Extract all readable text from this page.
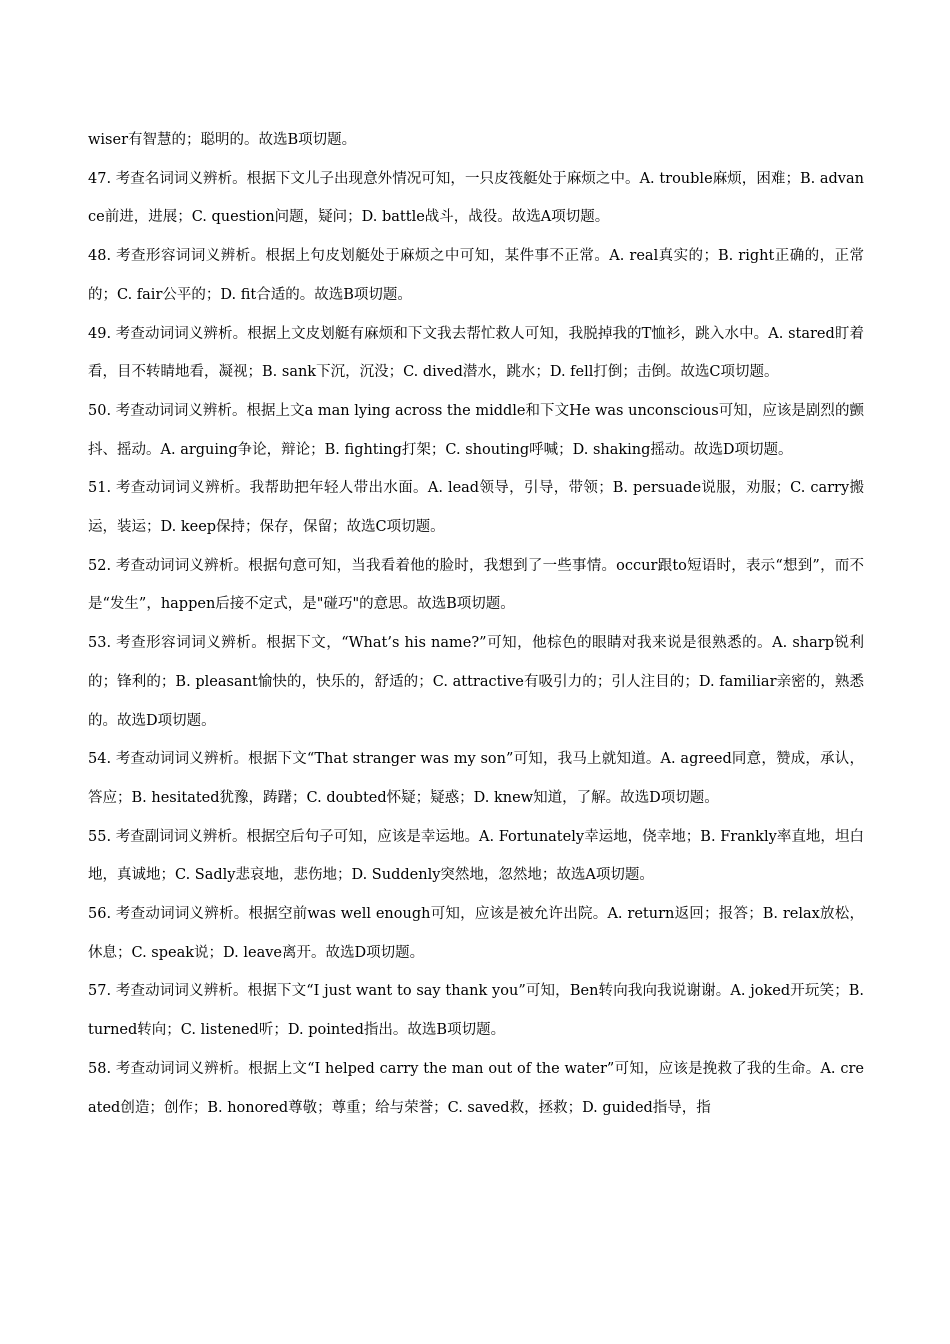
wiser有智慧的；聪明的。故选B项切题。

47. 考查名词词义辨析。根据下文儿子出现意外情况可知，一只皮筏艇处于麻烦之中。A. trouble麻烦，困难；B. advance前进，进展；C. question问题，疑问；D. battle战斗，战役。故选A项切题。

48. 考查形容词词义辨析。根据上句皮划艇处于麻烦之中可知，某件事不正常。A. real真实的；B. right正确的，正常的；C. fair公平的；D. fit合适的。故选B项切题。

49. 考查动词词义辨析。根据上文皮划艇有麻烦和下文我去帮忙救人可知，我脱掉我的T恤衫，跳入水中。A. stared盯着看，目不转睛地看，凝视；B. sank下沉，沉没；C. dived潜水，跳水；D. fell打倒；击倒。故选C项切题。

50. 考查动词词义辨析。根据上文a man lying across the middle和下文He was unconscious可知，应该是剧烈的颤抖、摇动。A. arguing争论，辩论；B. fighting打架；C. shouting呼喊；D. shaking摇动。故选D项切题。

51. 考查动词词义辨析。我帮助把年轻人带出水面。A. lead领导，引导，带领；B. persuade说服，劝服；C. carry搬运，装运；D. keep保持；保存，保留；故选C项切题。

52. 考查动词词义辨析。根据句意可知，当我看着他的脸时，我想到了一些事情。occur跟to短语时，表示“想到”，而不是“发生”，happen后接不定式，是"碰巧"的意思。故选B项切题。

53. 考查形容词词义辨析。根据下文，“What’s his name?”可知，他棕色的眼睛对我来说是很熟悉的。A. sharp锐利的；锋利的；B. pleasant愉快的，快乐的，舒适的；C. attractive有吸引力的；引人注目的；D. familiar亲密的，熟悉的。故选D项切题。

54. 考查动词词义辨析。根据下文“That stranger was my son”可知，我马上就知道。A. agreed同意，赞成，承认，答应；B. hesitated犹豫，踌躇；C. doubted怀疑；疑惑；D. knew知道，了解。故选D项切题。

55. 考查副词词义辨析。根据空后句子可知，应该是幸运地。A. Fortunately幸运地，侥幸地；B. Frankly率直地，坦白地，真诚地；C. Sadly悲哀地，悲伤地；D. Suddenly突然地，忽然地；故选A项切题。

56. 考查动词词义辨析。根据空前was well enough可知，应该是被允许出院。A. return返回；报答；B. relax放松，休息；C. speak说；D. leave离开。故选D项切题。

57. 考查动词词义辨析。根据下文“I just want to say thank you”可知，Ben转向我向我说谢谢。A. joked开玩笑；B. turned转向；C. listened听；D. pointed指出。故选B项切题。

58. 考查动词词义辨析。根据上文“I helped carry the man out of the water”可知，应该是挽救了我的生命。A. created创造；创作；B. honored尊敬；尊重；给与荣誉；C. saved救，拯救；D. guided指导，指
